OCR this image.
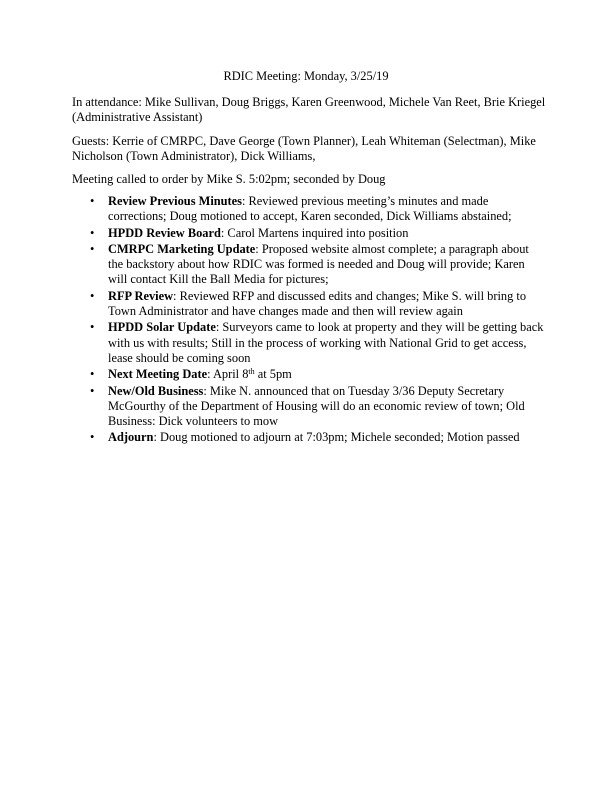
RDIC Meeting: Monday, 3/25/19
In attendance: Mike Sullivan, Doug Briggs, Karen Greenwood, Michele Van Reet, Brie Kriegel (Administrative Assistant)
Guests: Kerrie of CMRPC, Dave George (Town Planner), Leah Whiteman (Selectman), Mike Nicholson (Town Administrator), Dick Williams,
Meeting called to order by Mike S. 5:02pm; seconded by Doug
• Review Previous Minutes: Reviewed previous meeting’s minutes and made corrections; Doug motioned to accept, Karen seconded, Dick Williams abstained;
• HPDD Review Board: Carol Martens inquired into position
• CMRPC Marketing Update: Proposed website almost complete; a paragraph about the backstory about how RDIC was formed is needed and Doug will provide; Karen will contact Kill the Ball Media for pictures;
• RFP Review: Reviewed RFP and discussed edits and changes; Mike S. will bring to Town Administrator and have changes made and then will review again
• HPDD Solar Update: Surveyors came to look at property and they will be getting back with us with results; Still in the process of working with National Grid to get access, lease should be coming soon
• Next Meeting Date: April 8th at 5pm
• New/Old Business: Mike N. announced that on Tuesday 3/36 Deputy Secretary McGourthy of the Department of Housing will do an economic review of town; Old Business: Dick volunteers to mow
• Adjourn: Doug motioned to adjourn at 7:03pm; Michele seconded; Motion passed
